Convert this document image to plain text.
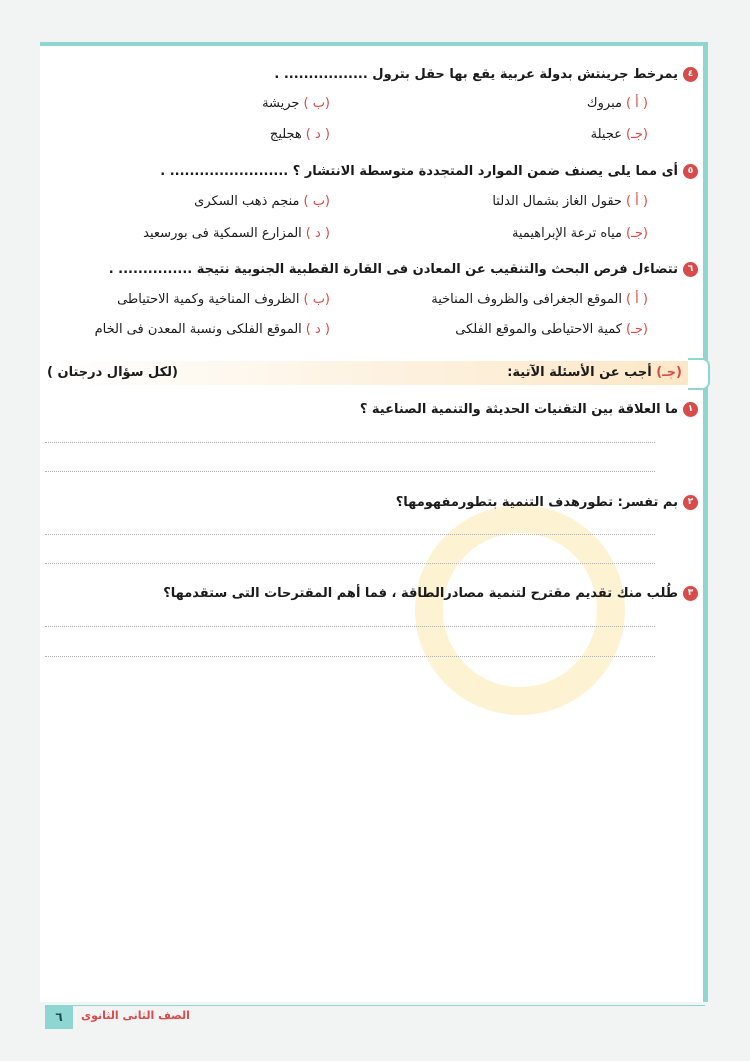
٤يمرخط جرينتش بدولة عربية يقع بها حقل بترول ................. .
( أ )مبروك
(ب )جريشة
(جـ)عجيلة
( د )هجليج
٥أى مما يلى يصنف ضمن الموارد المتجددة متوسطة الانتشار ؟ ........................ .
( أ )حقول الغاز بشمال الدلتا
(ب )منجم ذهب السكرى
(جـ)مياه ترعة الإبراهيمية
( د )المزارع السمكية فى بورسعيد
٦تتضاءل فرص البحث والتنقيب عن المعادن فى القارة القطبية الجنوبية نتيجة ............... .
( أ )الموقع الجغرافى والظروف المناخية
(ب )الظروف المناخية وكمية الاحتياطى
(جـ)كمية الاحتياطى والموقع الفلكى
( د )الموقع الفلكى ونسبة المعدن فى الخام
(جـ) أجب عن الأسئلة الآتية:
(لكل سؤال درجتان )
١ما العلاقة بين التقنيات الحديثة والتنمية الصناعية ؟
٢بم تفسر: تطورهدف التنمية بتطورمفهومها؟
٣طُلب منك تقديم مقترح لتنمية مصادرالطاقة ، فما أهم المقترحات التى ستقدمها؟
٦	الصف الثانى الثانوى
